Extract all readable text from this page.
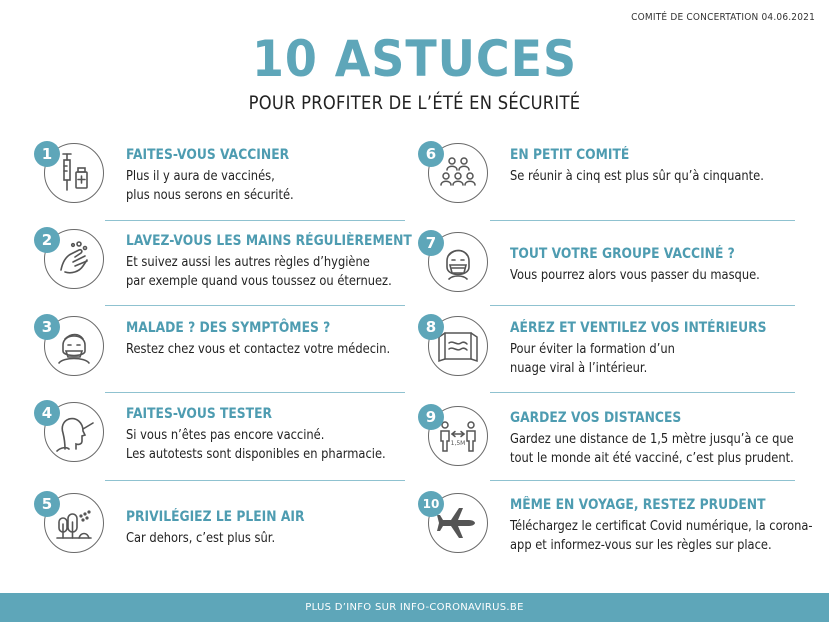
COMITÉ DE CONCERTATION 04.06.2021
10 ASTUCES
POUR PROFITER DE L’ÉTÉ EN SÉCURITÉ
1	FAITES-VOUS VACCINER
Plus il y aura de vaccinés,
plus nous serons en sécurité.
2	LAVEZ-VOUS LES MAINS RÉGULIÈREMENT
Et suivez aussi les autres règles d’hygiène
par exemple quand vous toussez ou éternuez.
3	MALADE ? DES SYMPTÔMES ?
Restez chez vous et contactez votre médecin.
4	FAITES-VOUS TESTER
Si vous n’êtes pas encore vacciné.
Les autotests sont disponibles en pharmacie.
5
PRIVILÉGIEZ LE PLEIN AIR
Car dehors, c’est plus sûr.
6	EN PETIT COMITÉ
Se réunir à cinq est plus sûr qu’à cinquante.
7
TOUT VOTRE GROUPE VACCINÉ ?
Vous pourrez alors vous passer du masque.
8	AÉREZ ET VENTILEZ VOS INTÉRIEURS
Pour éviter la formation d’un
nuage viral à l’intérieur.
1,5M
9	GARDEZ VOS DISTANCES
Gardez une distance de 1,5 mètre jusqu’à ce que
tout le monde ait été vacciné, c’est plus prudent.
10	MÊME EN VOYAGE, RESTEZ PRUDENT
Téléchargez le certificat Covid numérique, la corona-
app et informez-vous sur les règles sur place.
PLUS D’INFO SUR INFO-CORONAVIRUS.BE
